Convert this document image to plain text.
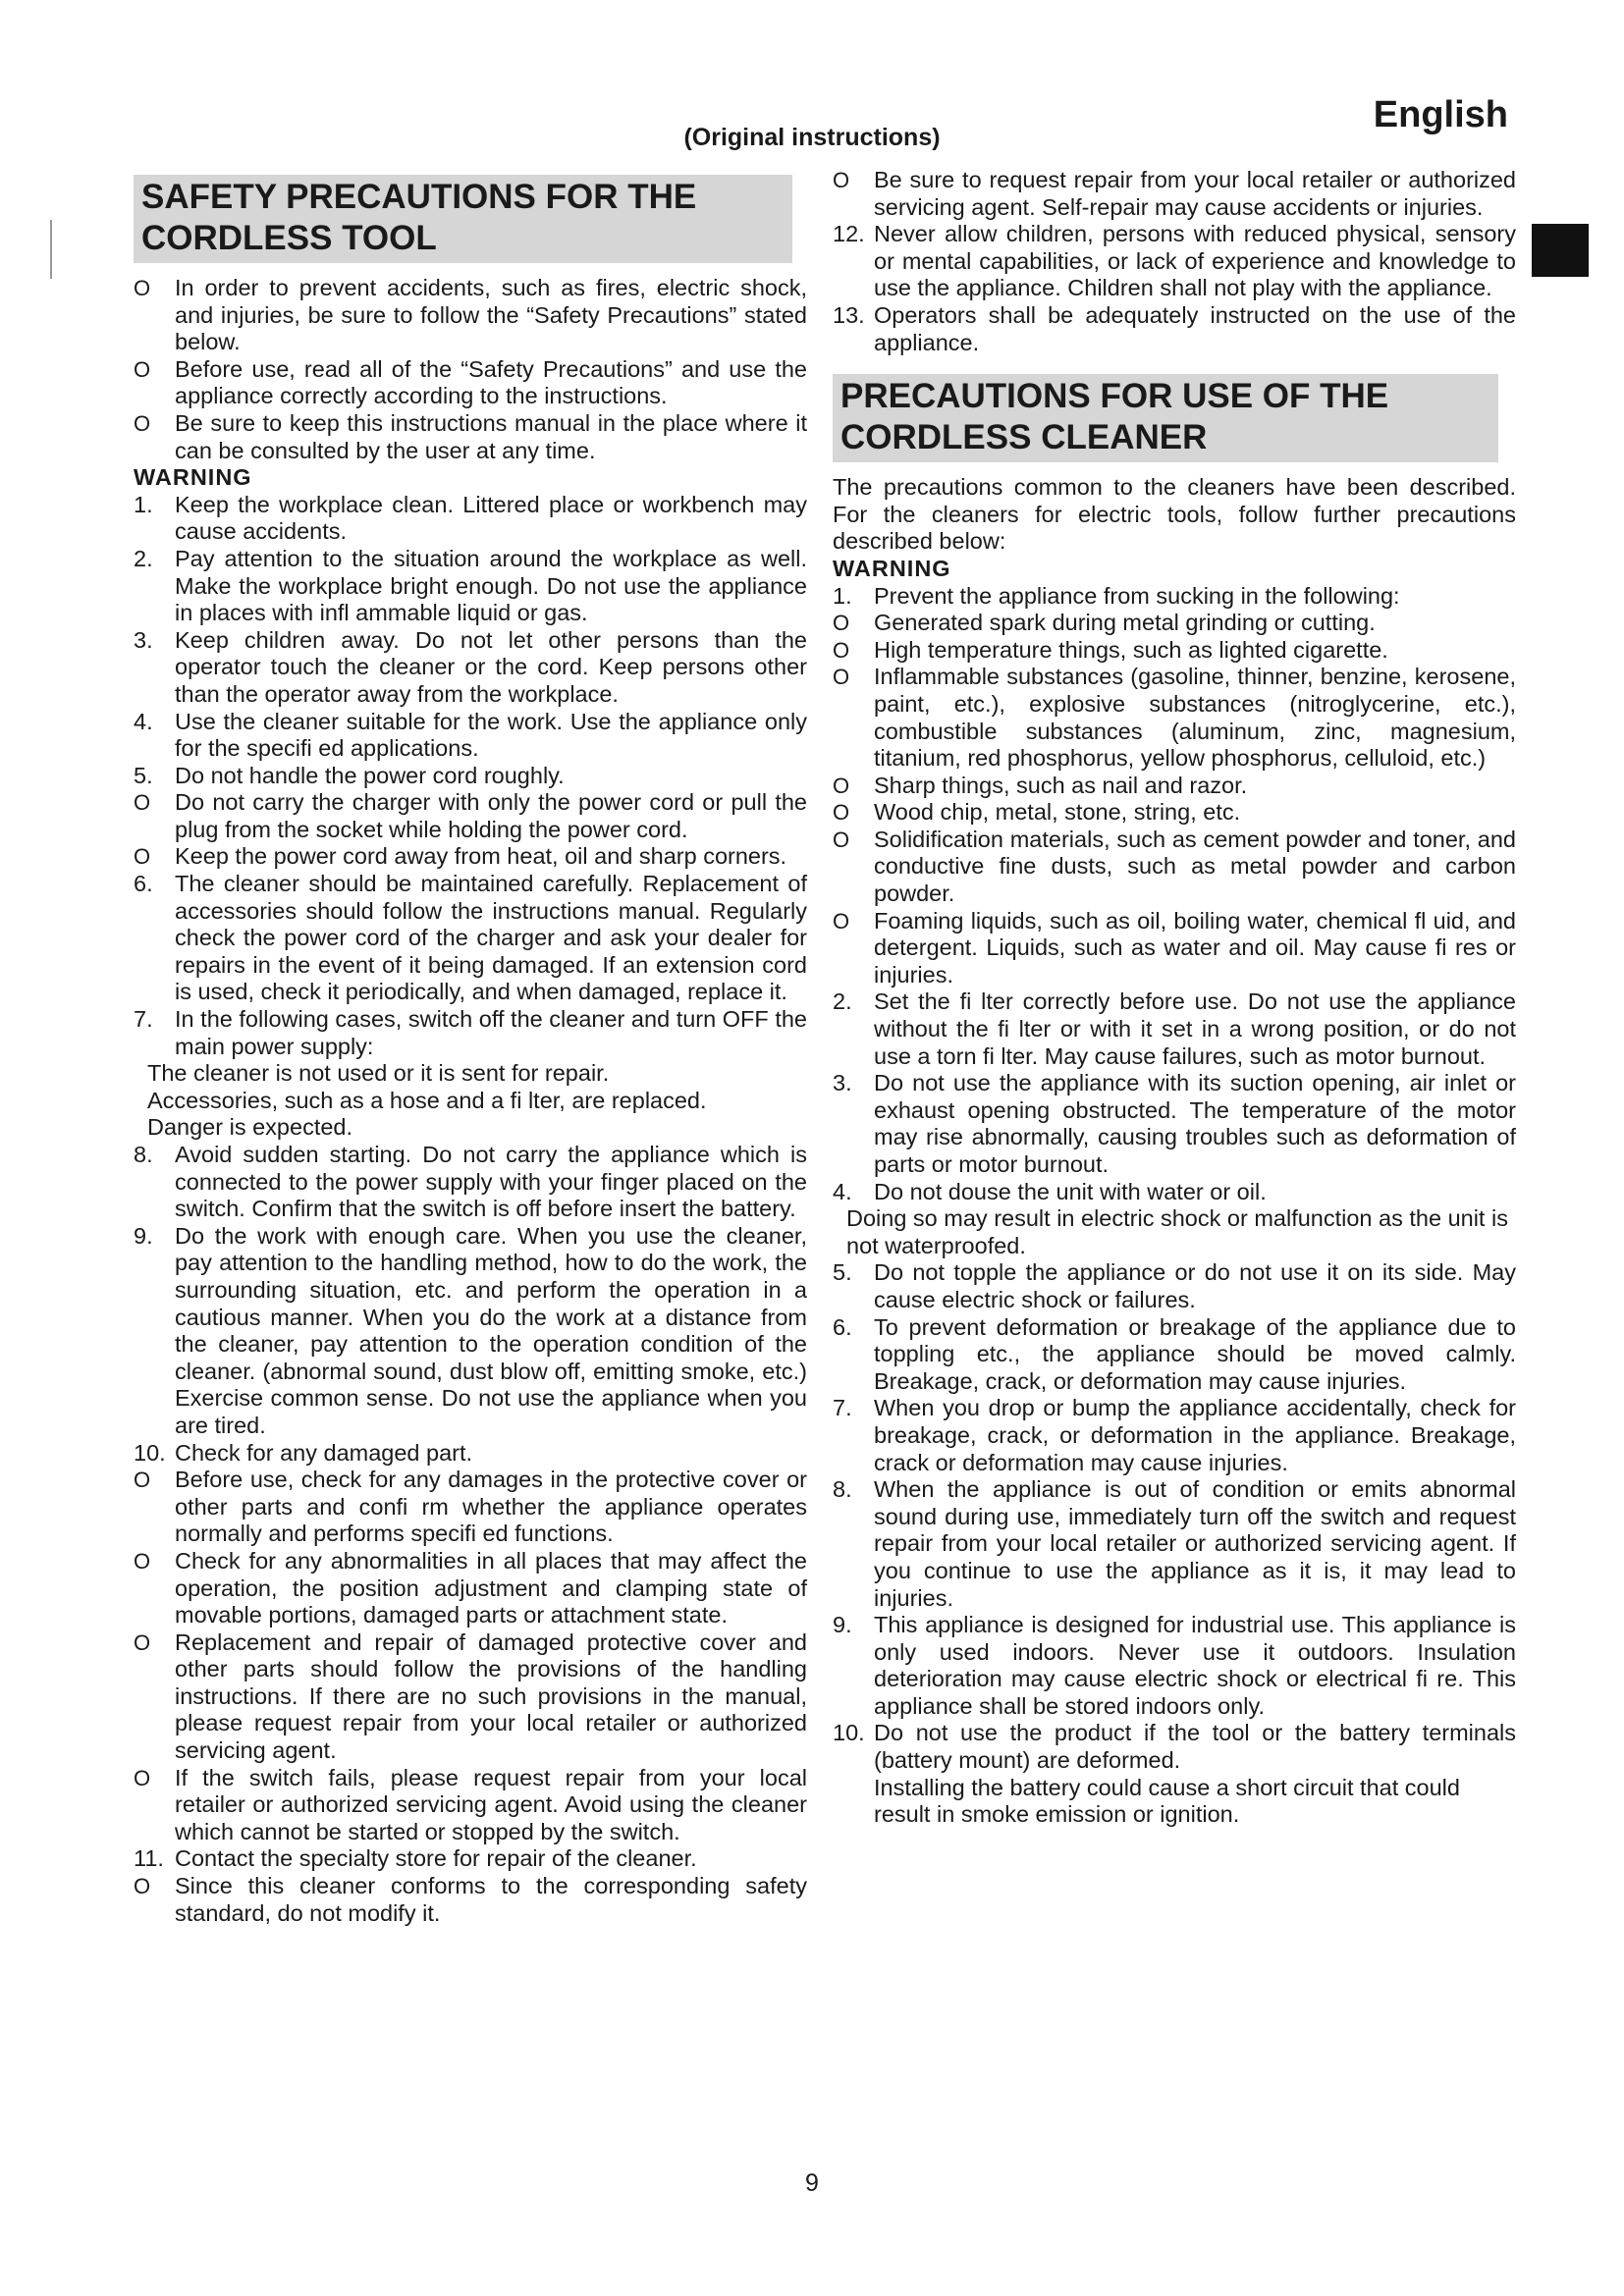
(Original instructions)
English
SAFETY PRECAUTIONS FOR THE CORDLESS TOOL
O	In order to prevent accidents, such as fires, electric shock, and injuries, be sure to follow the “Safety Precautions” stated below.
O	Before use, read all of the “Safety Precautions” and use the appliance correctly according to the instructions.
O	Be sure to keep this instructions manual in the place where it can be consulted by the user at any time.
WARNING
1. Keep the workplace clean. Littered place or workbench may cause accidents.
2. Pay attention to the situation around the workplace as well. Make the workplace bright enough. Do not use the appliance in places with infl ammable liquid or gas.
3. Keep children away. Do not let other persons than the operator touch the cleaner or the cord. Keep persons other than the operator away from the workplace.
4. Use the cleaner suitable for the work. Use the appliance only for the specifi ed applications.
5. Do not handle the power cord roughly.
O	Do not carry the charger with only the power cord or pull the plug from the socket while holding the power cord.
O	Keep the power cord away from heat, oil and sharp corners.
6. The cleaner should be maintained carefully. Replacement of accessories should follow the instructions manual. Regularly check the power cord of the charger and ask your dealer for repairs in the event of it being damaged. If an extension cord is used, check it periodically, and when damaged, replace it.
7. In the following cases, switch off the cleaner and turn OFF the main power supply:
The cleaner is not used or it is sent for repair.
Accessories, such as a hose and a fi lter, are replaced.
Danger is expected.
8. Avoid sudden starting. Do not carry the appliance which is connected to the power supply with your finger placed on the switch. Confirm that the switch is off before insert the battery.
9. Do the work with enough care. When you use the cleaner, pay attention to the handling method, how to do the work, the surrounding situation, etc. and perform the operation in a cautious manner. When you do the work at a distance from the cleaner, pay attention to the operation condition of the cleaner. (abnormal sound, dust blow off, emitting smoke, etc.) Exercise common sense. Do not use the appliance when you are tired.
10. Check for any damaged part.
O	Before use, check for any damages in the protective cover or other parts and confi rm whether the appliance operates normally and performs specifi ed functions.
O	Check for any abnormalities in all places that may affect the operation, the position adjustment and clamping state of movable portions, damaged parts or attachment state.
O	Replacement and repair of damaged protective cover and other parts should follow the provisions of the handling instructions. If there are no such provisions in the manual, please request repair from your local retailer or authorized servicing agent.
O	If the switch fails, please request repair from your local retailer or authorized servicing agent. Avoid using the cleaner which cannot be started or stopped by the switch.
11. Contact the specialty store for repair of the cleaner.
O	Since this cleaner conforms to the corresponding safety standard, do not modify it.
O	Be sure to request repair from your local retailer or authorized servicing agent. Self-repair may cause accidents or injuries.
12. Never allow children, persons with reduced physical, sensory or mental capabilities, or lack of experience and knowledge to use the appliance. Children shall not play with the appliance.
13. Operators shall be adequately instructed on the use of the appliance.
PRECAUTIONS FOR USE OF THE CORDLESS CLEANER
The precautions common to the cleaners have been described. For the cleaners for electric tools, follow further precautions described below:
WARNING
1. Prevent the appliance from sucking in the following:
O	Generated spark during metal grinding or cutting.
O	High temperature things, such as lighted cigarette.
O	Inflammable substances (gasoline, thinner, benzine, kerosene, paint, etc.), explosive substances (nitroglycerine, etc.), combustible substances (aluminum, zinc, magnesium, titanium, red phosphorus, yellow phosphorus, celluloid, etc.)
O	Sharp things, such as nail and razor.
O	Wood chip, metal, stone, string, etc.
O	Solidification materials, such as cement powder and toner, and conductive fine dusts, such as metal powder and carbon powder.
O	Foaming liquids, such as oil, boiling water, chemical fl uid, and detergent. Liquids, such as water and oil. May cause fi res or injuries.
2. Set the fi lter correctly before use. Do not use the appliance without the fi lter or with it set in a wrong position, or do not use a torn fi lter. May cause failures, such as motor burnout.
3. Do not use the appliance with its suction opening, air inlet or exhaust opening obstructed. The temperature of the motor may rise abnormally, causing troubles such as deformation of parts or motor burnout.
4. Do not douse the unit with water or oil.
Doing so may result in electric shock or malfunction as the unit is not waterproofed.
5. Do not topple the appliance or do not use it on its side. May cause electric shock or failures.
6. To prevent deformation or breakage of the appliance due to toppling etc., the appliance should be moved calmly. Breakage, crack, or deformation may cause injuries.
7. When you drop or bump the appliance accidentally, check for breakage, crack, or deformation in the appliance. Breakage, crack or deformation may cause injuries.
8. When the appliance is out of condition or emits abnormal sound during use, immediately turn off the switch and request repair from your local retailer or authorized servicing agent. If you continue to use the appliance as it is, it may lead to injuries.
9. This appliance is designed for industrial use. This appliance is only used indoors. Never use it outdoors. Insulation deterioration may cause electric shock or electrical fi re. This appliance shall be stored indoors only.
10. Do not use the product if the tool or the battery terminals (battery mount) are deformed.
Installing the battery could cause a short circuit that could result in smoke emission or ignition.
9
